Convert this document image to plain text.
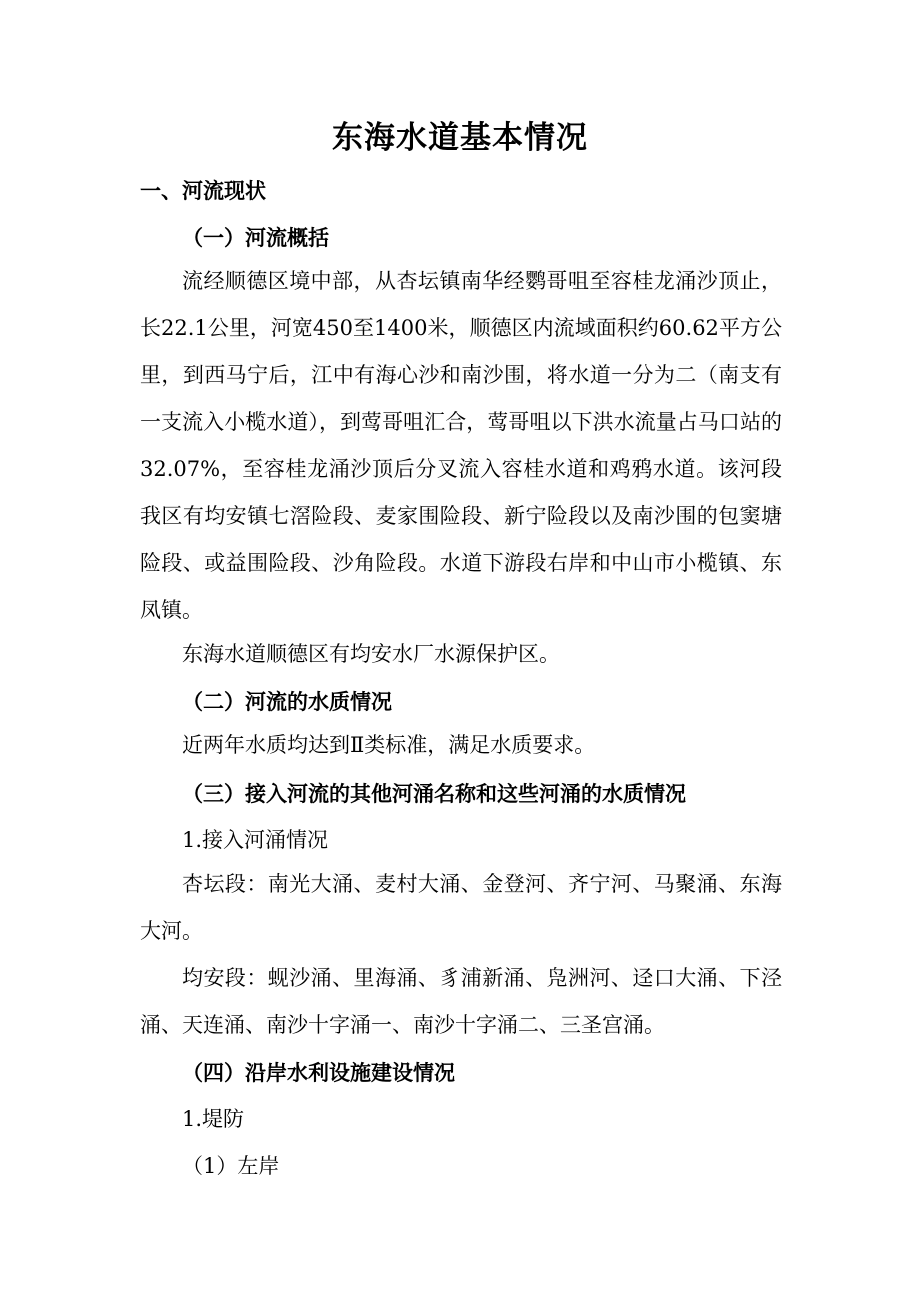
东海水道基本情况
一、河流现状
（一）河流概括

流经顺德区境中部，从杏坛镇南华经鹦哥咀至容桂龙涌沙顶止，长22.1公里，河宽450至1400米，顺德区内流域面积约60.62平方公里，到西马宁后，江中有海心沙和南沙围，将水道一分为二（南支有一支流入小榄水道），到莺哥咀汇合，莺哥咀以下洪水流量占马口站的32.07%，至容桂龙涌沙顶后分叉流入容桂水道和鸡鸦水道。该河段我区有均安镇七滘险段、麦家围险段、新宁险段以及南沙围的包窦塘险段、或益围险段、沙角险段。水道下游段右岸和中山市小榄镇、东凤镇。

东海水道顺德区有均安水厂水源保护区。

（二）河流的水质情况

近两年水质均达到Ⅱ类标准，满足水质要求。

（三）接入河流的其他河涌名称和这些河涌的水质情况

1.接入河涌情况

杏坛段：南光大涌、麦村大涌、金登河、齐宁河、马聚涌、东海大河。

均安段：蚬沙涌、里海涌、豸浦新涌、凫洲河、迳口大涌、下泾涌、天连涌、南沙十字涌一、南沙十字涌二、三圣宫涌。

（四）沿岸水利设施建设情况

1.堤防

（1）左岸
